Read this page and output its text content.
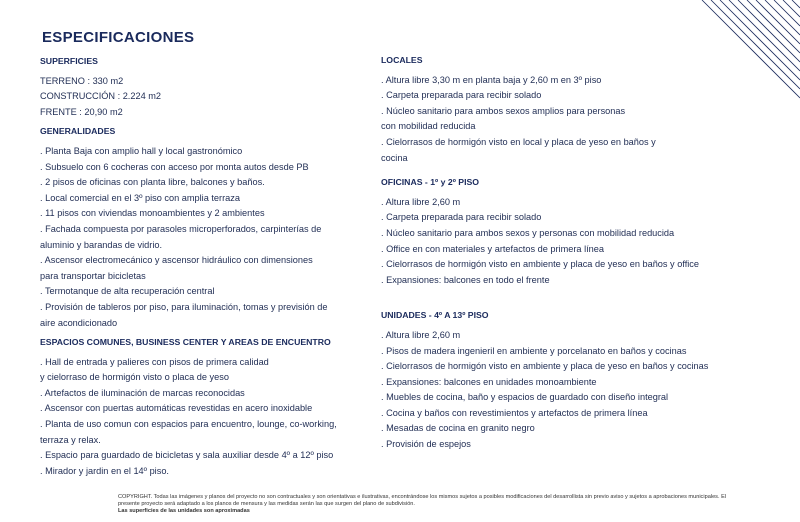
ESPECIFICACIONES
SUPERFICIES
TERRENO : 330 m2
CONSTRUCCIÓN : 2.224 m2
FRENTE : 20,90 m2
GENERALIDADES
. Planta Baja con amplio hall y local gastronómico
. Subsuelo con 6 cocheras con acceso por monta autos desde PB
. 2 pisos de oficinas con planta libre, balcones y baños.
. Local comercial en el 3º piso con amplia terraza
. 11 pisos con viviendas monoambientes y 2 ambientes
. Fachada compuesta por parasoles microperforados, carpinterías de
aluminio y barandas de vidrio.
. Ascensor electromecánico y ascensor hidráulico con dimensiones
para transportar bicicletas
. Termotanque de alta recuperación central
. Provisión de tableros por piso, para iluminación, tomas y previsión de
aire acondicionado
ESPACIOS COMUNES, BUSINESS CENTER Y AREAS DE ENCUENTRO
. Hall de entrada y palieres con pisos de primera calidad
y cielorraso de hormigón visto o placa de yeso
. Artefactos de iluminación de marcas reconocidas
. Ascensor con puertas automáticas revestidas en acero inoxidable
. Planta de uso comun con espacios para encuentro, lounge, co-working,
terraza y relax.
. Espacio para guardado de bicicletas y sala auxiliar desde 4º a 12º piso
. Mirador y jardin en el 14º piso.
LOCALES
. Altura libre 3,30 m en planta baja y 2,60 m en 3º piso
. Carpeta preparada para recibir solado
. Núcleo sanitario para ambos sexos amplios para personas
con mobilidad reducida
. Cielorrasos de hormigón visto en local y placa de yeso en baños y
cocina
OFICINAS - 1º y 2º PISO
. Altura libre 2,60 m
. Carpeta preparada para recibir solado
. Núcleo sanitario para ambos sexos y personas con mobilidad reducida
. Office en con materiales y artefactos de primera línea
. Cielorrasos de hormigón visto en ambiente y placa de yeso en baños y office
. Expansiones: balcones en todo el frente
UNIDADES - 4º A 13º PISO
. Altura libre 2,60 m
. Pisos de madera ingenieril en ambiente y porcelanato en baños y cocinas
. Cielorrasos de hormigón visto en ambiente y placa de yeso en baños y cocinas
. Expansiones: balcones en unidades monoambiente
. Muebles de cocina, baño y espacios de guardado con diseño integral
. Cocina y baños con revestimientos y artefactos de primera línea
. Mesadas de cocina en granito negro
. Provisión de espejos
COPYRIGHT. Todas las imágenes y planos del proyecto no son contractuales y son orientativas e ilustrativas, encontrándose los mismos sujetos a posibles modificaciones del desarrollista sin previo aviso y sujetos a aprobaciones municipales. El presente proyecto será adaptado a los planos de mensura y las medidas serán las que surgen del plano de subdivisión.
Las superficies de las unidades son aproximadas
